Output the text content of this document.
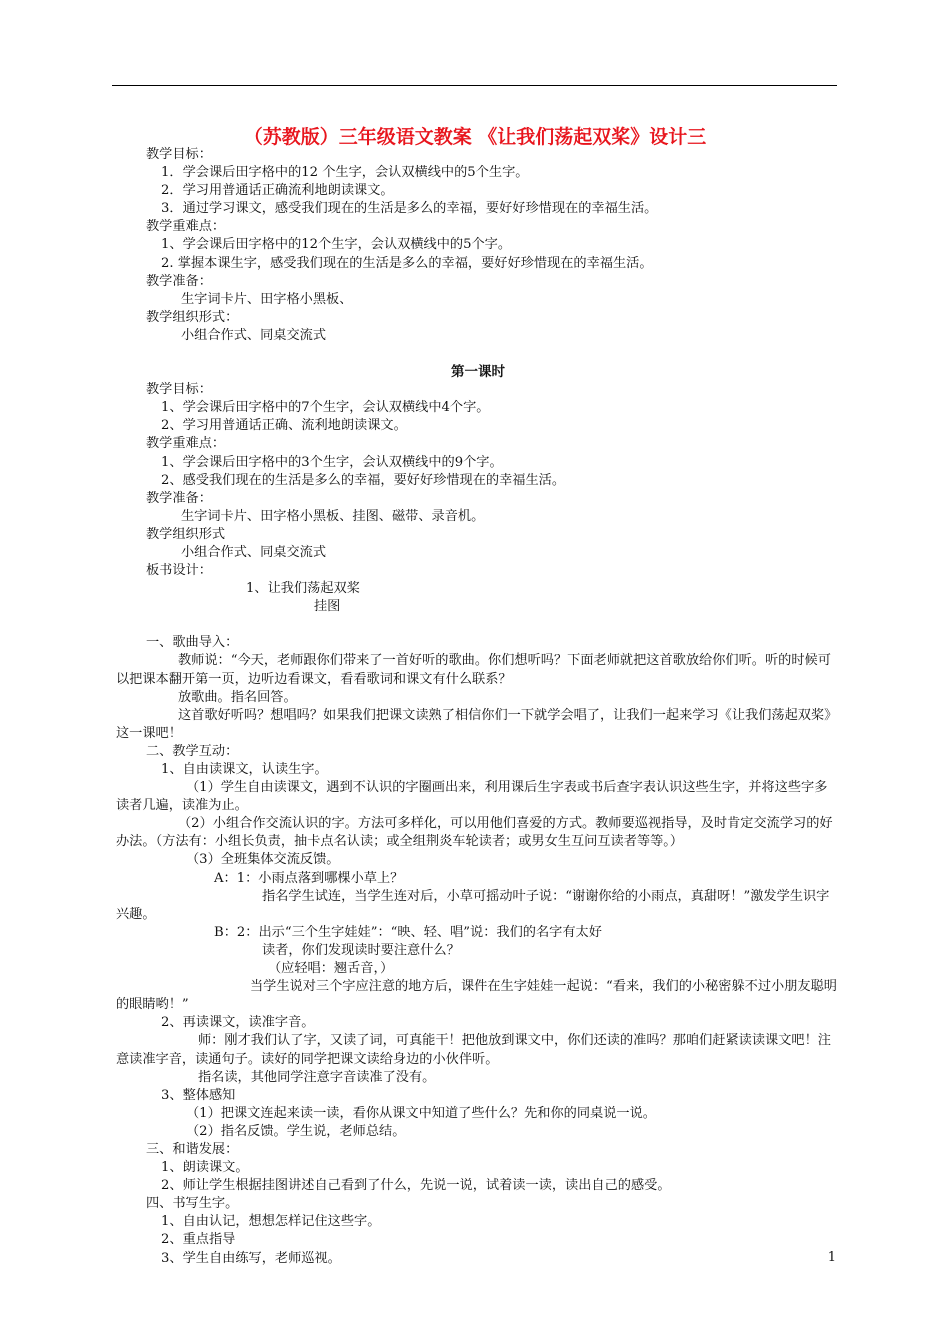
（苏教版）三年级语文教案 《让我们荡起双桨》设计三
教学目标：
1．学会课后田字格中的12 个生字，会认双横线中的5个生字。
2．学习用普通话正确流利地朗读课文。
3．通过学习课文，感受我们现在的生活是多么的幸福，要好好珍惜现在的幸福生活。
教学重难点：
1、学会课后田字格中的12个生字，会认双横线中的5个字。
2. 掌握本课生字，感受我们现在的生活是多么的幸福，要好好珍惜现在的幸福生活。
教学准备：
生字词卡片、田字格小黑板、
教学组织形式：
小组合作式、同桌交流式
第一课时
教学目标：
1、学会课后田字格中的7个生字，会认双横线中4个字。
2、学习用普通话正确、流利地朗读课文。
教学重难点：
1、学会课后田字格中的3个生字，会认双横线中的9个字。
2、感受我们现在的生活是多么的幸福，要好好珍惜现在的幸福生活。
教学准备：
生字词卡片、田字格小黑板、挂图、磁带、录音机。
教学组织形式
小组合作式、同桌交流式
板书设计：
1、让我们荡起双桨
挂图
一、歌曲导入：
教师说：“今天，老师跟你们带来了一首好听的歌曲。你们想听吗？下面老师就把这首歌放给你们听。听的时候可以把课本翻开第一页，边听边看课文，看看歌词和课文有什么联系？
放歌曲。指名回答。
这首歌好听吗？想唱吗？如果我们把课文读熟了相信你们一下就学会唱了，让我们一起来学习《让我们荡起双桨》这一课吧！
二、教学互动：
1、自由读课文，认读生字。
（1）学生自由读课文，遇到不认识的字圈画出来，利用课后生字表或书后查字表认识这些生字，并将这些字多读者几遍，读准为止。
（2）小组合作交流认识的字。方法可多样化，可以用他们喜爱的方式。教师要巡视指导，及时肯定交流学习的好办法。（方法有：小组长负责，抽卡点名认读；或全组荆炎车轮读者；或男女生互问互读者等等。）
（3）全班集体交流反馈。
A：1：小雨点落到哪棵小草上？
指名学生试连，当学生连对后，小草可摇动叶子说：“谢谢你给的小雨点，真甜呀！”激发学生识字兴趣。
B：2：出示“三个生字娃娃”：“映、轻、唱”说：我们的名字有太好
读者，你们发现读时要注意什么？
（应轻唱：翘舌音，）
当学生说对三个字应注意的地方后，课件在生字娃娃一起说：“看来，我们的小秘密躲不过小朋友聪明的眼睛哟！”
2、再读课文，读准字音。
师：刚才我们认了字，又读了词，可真能干！把他放到课文中，你们还读的准吗？那咱们赶紧读读课文吧！注意读准字音，读通句子。读好的同学把课文读给身边的小伙伴听。
指名读，其他同学注意字音读准了没有。
3、整体感知
（1）把课文连起来读一读，看你从课文中知道了些什么？先和你的同桌说一说。
（2）指名反馈。学生说，老师总结。
三、和谐发展：
1、朗读课文。
2、师让学生根据挂图讲述自己看到了什么，先说一说，试着读一读，读出自己的感受。
四、书写生字。
1、自由认记，想想怎样记住这些字。
2、重点指导
3、学生自由练写，老师巡视。	1
